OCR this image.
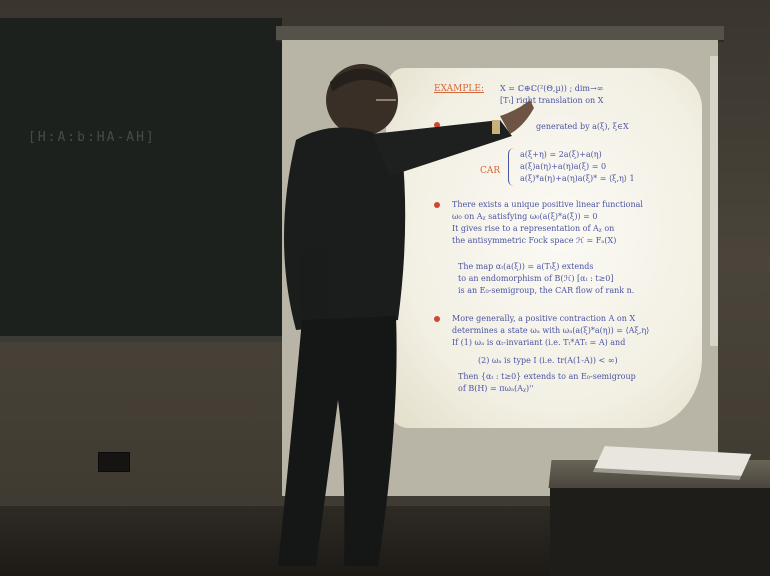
[H:A:b:HA-AH]
EXAMPLE: X = ℂ⊕ℂ(²(Θ,µ)) ; dim→∞
[Tₜ] right translation on X
generated by a(ξ), ξ∈X
CAR
a(ξ+η) = 2a(ξ)+a(η)
a(ξ)a(η)+a(η)a(ξ) = 0
a(ξ)*a(η)+a(η)a(ξ)* = ⟨ξ,η⟩ 1
There exists a unique positive linear functional
ω₀ on Aᵪ satisfying ω₀(a(ξ)*a(ξ)) = 0
It gives rise to a representation of Aᵪ on
the antisymmetric Fock space ℋ = Fₐ(X)
The map αₜ(a(ξ)) = a(Tₜξ) extends
to an endomorphism of B(ℋ) [αₜ : t≥0]
is an E₀-semigroup, the CAR flow of rank n.
More generally, a positive contraction A on X
determines a state ωₐ with ωₐ(a(ξ)*a(η)) = ⟨Aξ,η⟩
If (1) ωₐ is αₜ-invariant (i.e. Tₜ*ATₜ = A) and
(2) ωₐ is type I (i.e. tr(A(1-A)) < ∞)
Then {αₜ : t≥0} extends to an E₀-semigroup
of B(H) = πωₐ(Aᵪ)''
